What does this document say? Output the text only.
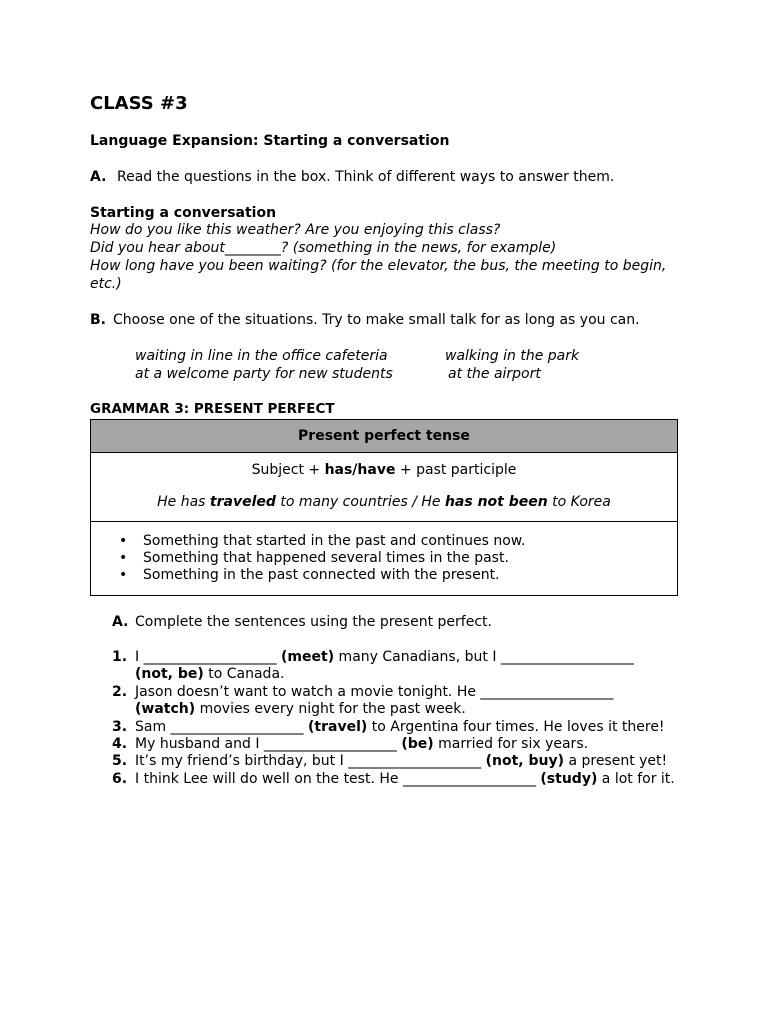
CLASS #3
Language Expansion: Starting a conversation
A. Read the questions in the box. Think of different ways to answer them.
Starting a conversation
How do you like this weather? Are you enjoying this class?
Did you hear about________? (something in the news, for example)
How long have you been waiting? (for the elevator, the bus, the meeting to begin,
etc.)
B. Choose one of the situations. Try to make small talk for as long as you can.
waiting in line in the office cafeteria	walking in the park
at a welcome party for new students	at the airport
GRAMMAR 3: PRESENT PERFECT
Present perfect tense

Subject + has/have + past participle
He has traveled to many countries / He has not been to Korea

• Something that started in the past and continues now.
• Something that happened several times in the past.
• Something in the past connected with the present.
A. Complete the sentences using the present perfect.
1. I ___________________ (meet) many Canadians, but I ___________________
(not, be) to Canada.
2. Jason doesn’t want to watch a movie tonight. He ___________________
(watch) movies every night for the past week.
3. Sam ___________________ (travel) to Argentina four times. He loves it there!
4. My husband and I ___________________ (be) married for six years.
5. It’s my friend’s birthday, but I ___________________ (not, buy) a present yet!
6. I think Lee will do well on the test. He ___________________ (study) a lot for it.
